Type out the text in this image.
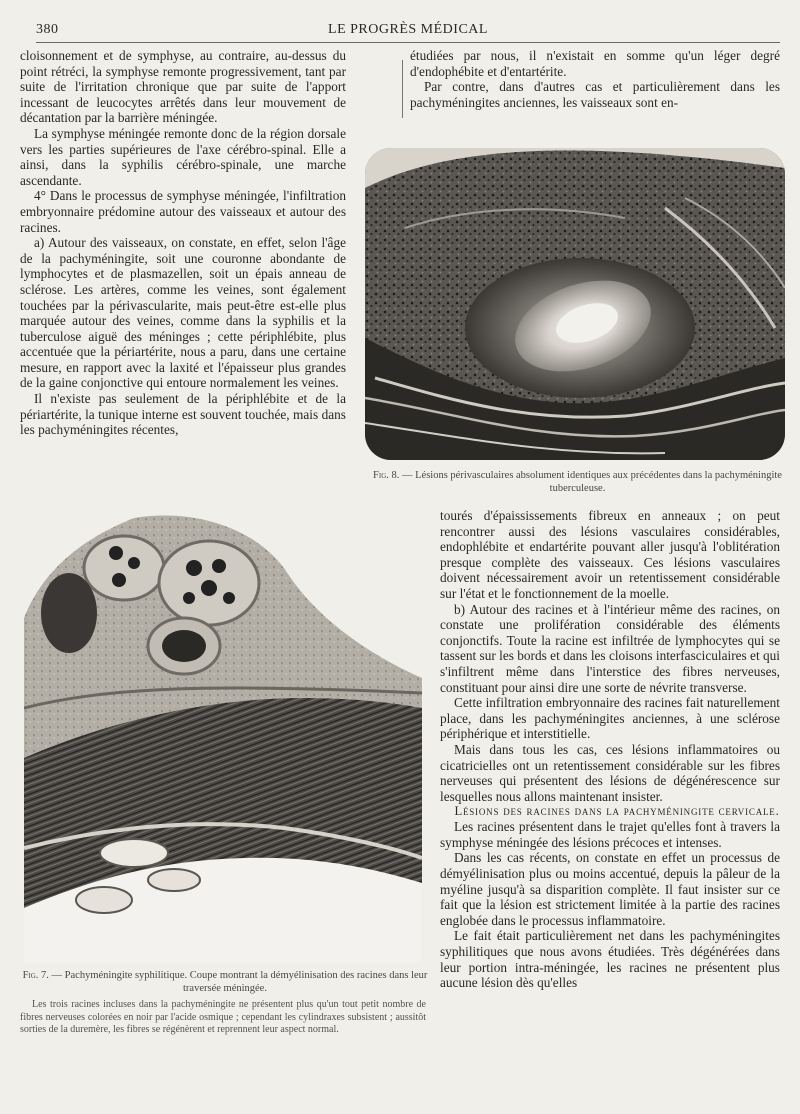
380	LE PROGRÈS MÉDICAL

cloisonnement et de symphyse, au contraire, au-dessus du point rétréci, la symphyse remonte progressivement, tant par suite de l'irritation chronique que par suite de l'apport incessant de leucocytes arrêtés dans leur mouvement de décantation par la barrière méningée.

La symphyse méningée remonte donc de la région dorsale vers les parties supérieures de l'axe cérébro-spinal. Elle a ainsi, dans la syphilis cérébro-spinale, une marche ascendante.

4° Dans le processus de symphyse méningée, l'infiltration embryonnaire prédomine autour des vaisseaux et autour des racines.

a) Autour des vaisseaux, on constate, en effet, selon l'âge de la pachyméningite, soit une couronne abondante de lymphocytes et de plasmazellen, soit un épais anneau de sclérose. Les artères, comme les veines, sont également touchées par la périvascularite, mais peut-être est-elle plus marquée autour des veines, comme dans la syphilis et la tuberculose aiguë des méninges ; cette périphlébite, plus accentuée que la périartérite, nous a paru, dans une certaine mesure, en rapport avec la laxité et l'épaisseur plus grandes de la gaine conjonctive qui entoure normalement les veines.

Il n'existe pas seulement de la périphlébite et de la périartérite, la tunique interne est souvent touchée, mais dans les pachyméningites récentes,

étudiées par nous, il n'existait en somme qu'un léger degré d'endophébite et d'entartérite.

Par contre, dans d'autres cas et particulièrement dans les pachyméningites anciennes, les vaisseaux sont en-

Fig. 8. — Lésions périvasculaires absolument identiques aux précédentes dans la pachyméningite tuberculeuse.

tourés d'épaississements fibreux en anneaux ; on peut rencontrer aussi des lésions vasculaires considérables, endophlébite et endartérite pouvant aller jusqu'à l'oblitération presque complète des vaisseaux. Ces lésions vasculaires doivent nécessairement avoir un retentissement considérable sur l'état et le fonctionnement de la moelle.

b) Autour des racines et à l'intérieur même des racines, on constate une prolifération considérable des éléments conjonctifs. Toute la racine est infiltrée de lymphocytes qui se tassent sur les bords et dans les cloisons interfasciculaires et qui s'infiltrent même dans l'interstice des fibres nerveuses, constituant pour ainsi dire une sorte de névrite transverse.

Cette infiltration embryonnaire des racines fait naturellement place, dans les pachyméningites anciennes, à une sclérose périphérique et interstitielle.

Mais dans tous les cas, ces lésions inflammatoires ou cicatricielles ont un retentissement considérable sur les fibres nerveuses qui présentent des lésions de dégénérescence sur lesquelles nous allons maintenant insister.

Lésions des racines dans la pachyméningite cervicale.

Les racines présentent dans le trajet qu'elles font à travers la symphyse méningée des lésions précoces et intenses.

Dans les cas récents, on constate en effet un processus de démyélinisation plus ou moins accentué, depuis la pâleur de la myéline jusqu'à sa disparition complète. Il faut insister sur ce fait que la lésion est strictement limitée à la partie des racines englobée dans le processus inflammatoire.

Le fait était particulièrement net dans les pachyméningites syphilitiques que nous avons étudiées. Très dégénérées dans leur portion intra-méningée, les racines ne présentent plus aucune lésion dès qu'elles

Fig. 7. — Pachyméningite syphilitique. Coupe montrant la démyélinisation des racines dans leur traversée méningée.
Les trois racines incluses dans la pachyméningite ne présentent plus qu'un tout petit nombre de fibres nerveuses colorées en noir par l'acide osmique ; cependant les cylindraxes subsistent ; aussitôt sorties de la duremère, les fibres se régénèrent et reprennent leur aspect normal.
